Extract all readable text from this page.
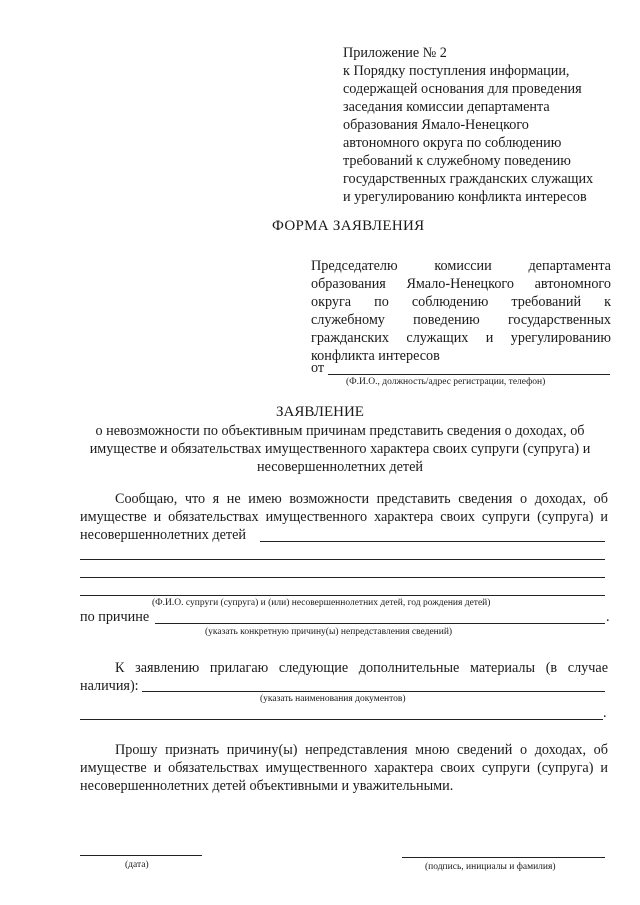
Приложение № 2
к Порядку поступления информации,
содержащей основания для проведения
заседания комиссии департамента
образования Ямало-Ненецкого
автономного округа по соблюдению
требований к служебному поведению
государственных гражданских служащих
и урегулированию конфликта интересов
ФОРМА ЗАЯВЛЕНИЯ
Председателю комиссии департамента
образования Ямало-Ненецкого автономного
округа по соблюдению требований к
служебному поведению государственных
гражданских служащих и урегулированию
конфликта интересов
от
(Ф.И.О., должность/адрес регистрации, телефон)
ЗАЯВЛЕНИЕ
о невозможности по объективным причинам представить сведения о доходах, об
имуществе и обязательствах имущественного характера своих супруги (супруга) и
несовершеннолетних детей
Сообщаю, что я не имею возможности представить сведения о доходах, об
имуществе и обязательствах имущественного характера своих супруги (супруга) и
несовершеннолетних детей
(Ф.И.О. супруги (супруга) и (или) несовершеннолетних детей, год рождения детей)
по причине	.
(указать конкретную причину(ы) непредставления сведений)
К заявлению прилагаю следующие дополнительные материалы (в случае
наличия):
(указать наименования документов)
.
Прошу признать причину(ы) непредставления мною сведений о доходах, об
имуществе и обязательствах имущественного характера своих супруги (супруга) и
несовершеннолетних детей объективными и уважительными.
(дата)	(подпись, инициалы и фамилия)
